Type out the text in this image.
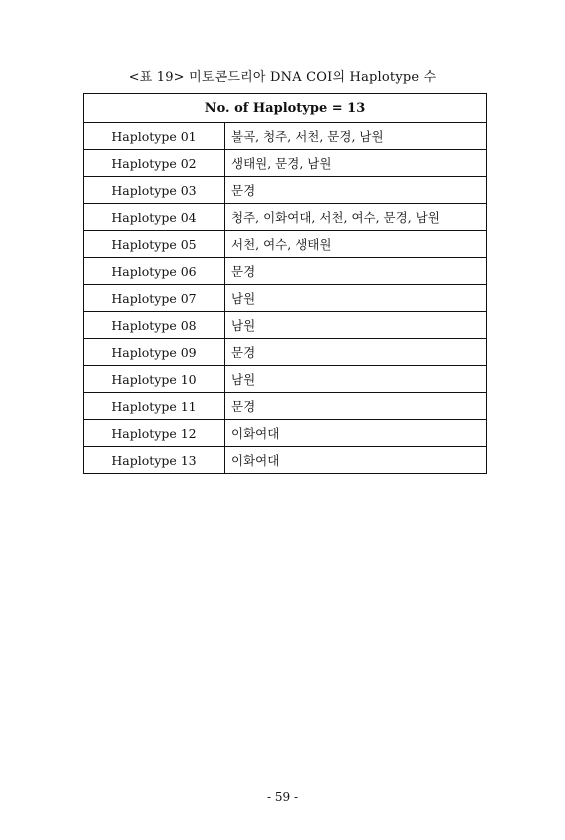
<표 19> 미토콘드리아 DNA COI의 Haplotype 수
No. of Haplotype = 13	
Haplotype 01	불곡, 청주, 서천, 문경, 남원
Haplotype 02	생태원, 문경, 남원
Haplotype 03	문경
Haplotype 04	청주, 이화여대, 서천, 여수, 문경, 남원
Haplotype 05	서천, 여수, 생태원
Haplotype 06	문경
Haplotype 07	남원
Haplotype 08	남원
Haplotype 09	문경
Haplotype 10	남원
Haplotype 11	문경
Haplotype 12	이화여대
Haplotype 13	이화여대
- 59 -
